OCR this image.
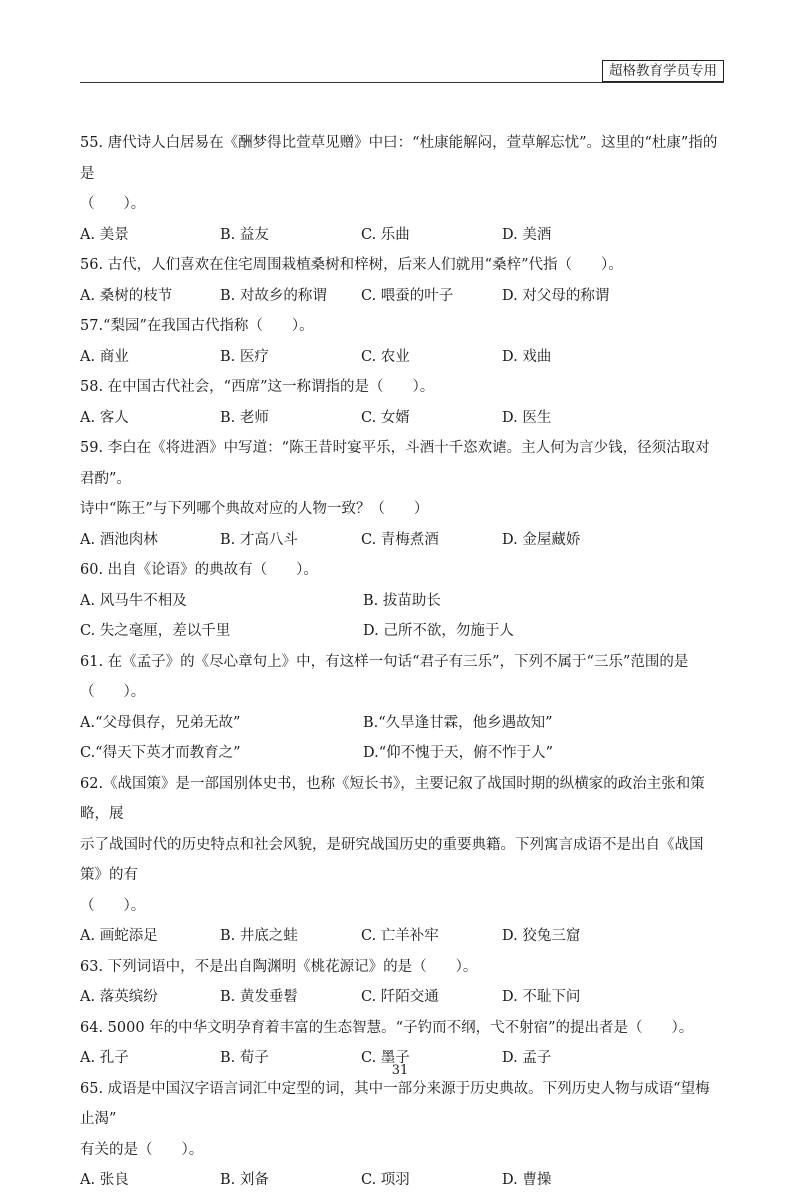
超格教育学员专用

55. 唐代诗人白居易在《酬梦得比萱草见赠》中曰：“杜康能解闷，萱草解忘忧”。这里的“杜康”指的是

（　　）。

A. 美景	B. 益友	C. 乐曲	D. 美酒

56. 古代，人们喜欢在住宅周围栽植桑树和梓树，后来人们就用“桑梓”代指（　　）。

A. 桑树的枝节	B. 对故乡的称谓	C. 喂蚕的叶子	D. 对父母的称谓

57.“梨园”在我国古代指称（　　）。

A. 商业	B. 医疗	C. 农业	D. 戏曲

58. 在中国古代社会，“西席”这一称谓指的是（　　）。

A. 客人	B. 老师	C. 女婿	D. 医生

59. 李白在《将进酒》中写道：“陈王昔时宴平乐，斗酒十千恣欢谑。主人何为言少钱，径须沽取对君酌”。

诗中“陈王”与下列哪个典故对应的人物一致？（　　）

A. 酒池肉林	B. 才高八斗	C. 青梅煮酒	D. 金屋藏娇

60. 出自《论语》的典故有（　　）。

A. 风马牛不相及	B. 拔苗助长
C. 失之毫厘，差以千里	D. 己所不欲，勿施于人

61. 在《孟子》的《尽心章句上》中，有这样一句话“君子有三乐”，下列不属于“三乐”范围的是（　　）。

A.“父母俱存，兄弟无故”	B.“久旱逢甘霖，他乡遇故知”
C.“得天下英才而教育之”	D.“仰不愧于天，俯不怍于人”

62.《战国策》是一部国别体史书，也称《短长书》，主要记叙了战国时期的纵横家的政治主张和策略，展

示了战国时代的历史特点和社会风貌，是研究战国历史的重要典籍。下列寓言成语不是出自《战国策》的有

（　　）。

A. 画蛇添足	B. 井底之蛙	C. 亡羊补牢	D. 狡兔三窟

63. 下列词语中，不是出自陶渊明《桃花源记》的是（　　）。

A. 落英缤纷	B. 黄发垂髫	C. 阡陌交通	D. 不耻下问

64. 5000 年的中华文明孕育着丰富的生态智慧。“子钓而不纲，弋不射宿”的提出者是（　　）。

A. 孔子	B. 荀子	C. 墨子	D. 孟子

65. 成语是中国汉字语言词汇中定型的词，其中一部分来源于历史典故。下列历史人物与成语“望梅止渴”

有关的是（　　）。

A. 张良	B. 刘备	C. 项羽	D. 曹操
31
